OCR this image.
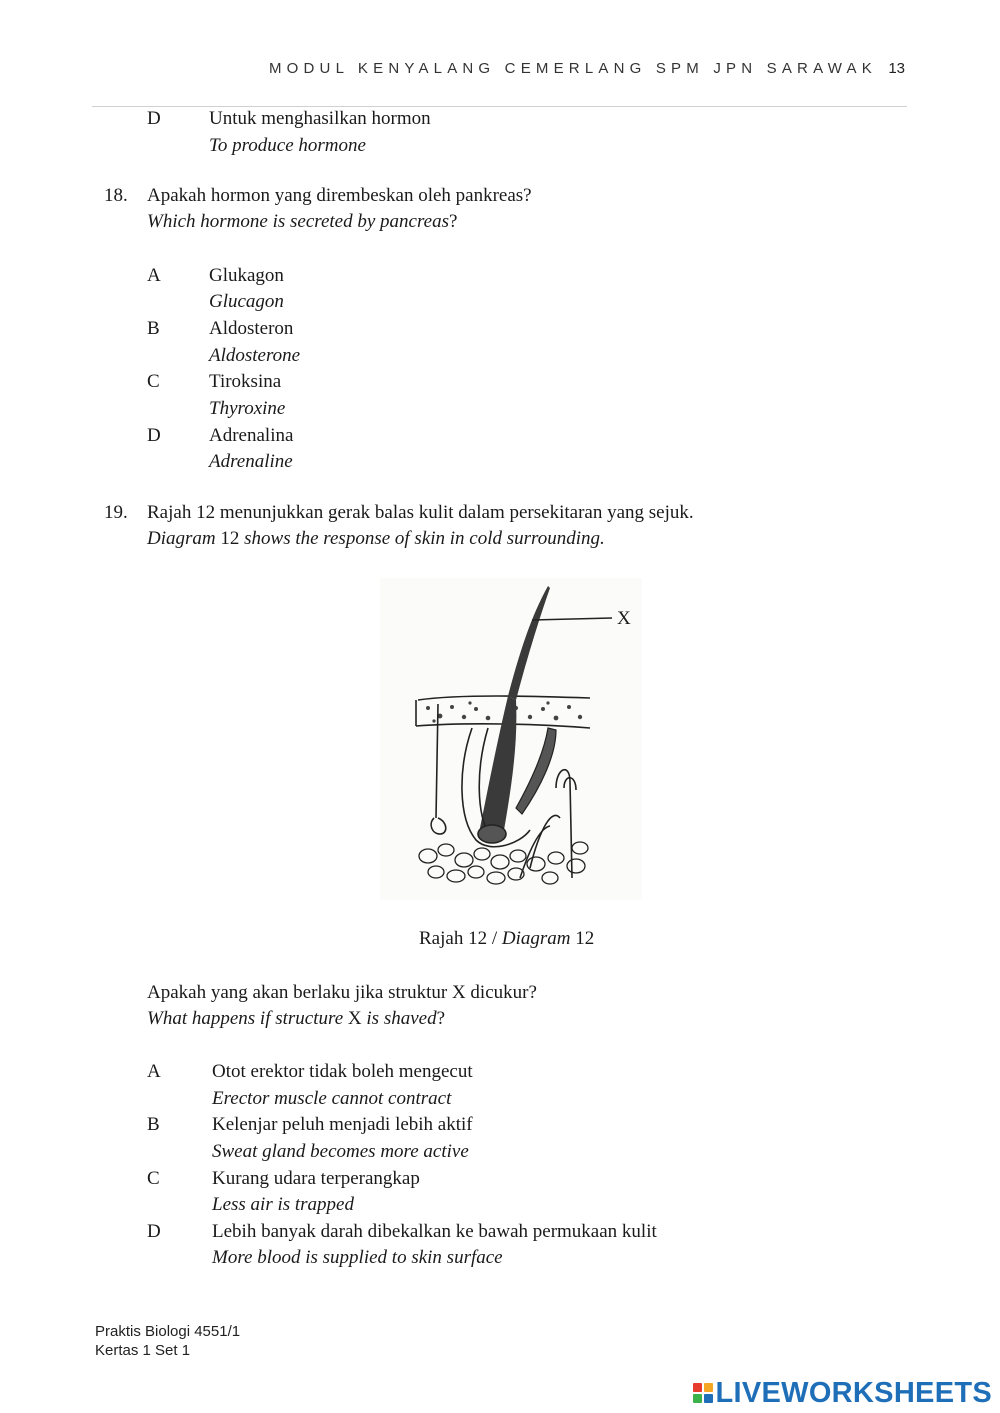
MODUL KENYALANG CEMERLANG SPM JPN SARAWAK 13
D	Untuk menghasilkan hormon
To produce hormone
18. Apakah hormon yang dirembeskan oleh pankreas?
Which hormone is secreted by pancreas?
A	Glukagon
Glucagon
B	Aldosteron
Aldosterone
C	Tiroksina
Thyroxine
D	Adrenalina
Adrenaline
19. Rajah 12 menunjukkan gerak balas kulit dalam persekitaran yang sejuk.
Diagram 12 shows the response of skin in cold surrounding.
X
Rajah 12 / Diagram 12
Apakah yang akan berlaku jika struktur X dicukur?
What happens if structure X is shaved?
A	Otot erektor tidak boleh mengecut
Erector muscle cannot contract
B	Kelenjar peluh menjadi lebih aktif
Sweat gland becomes more active
C	Kurang udara terperangkap
Less air is trapped
D	Lebih banyak darah dibekalkan ke bawah permukaan kulit
More blood is supplied to skin surface
Praktis Biologi 4551/1
Kertas 1 Set 1
LIVEWORKSHEETS
